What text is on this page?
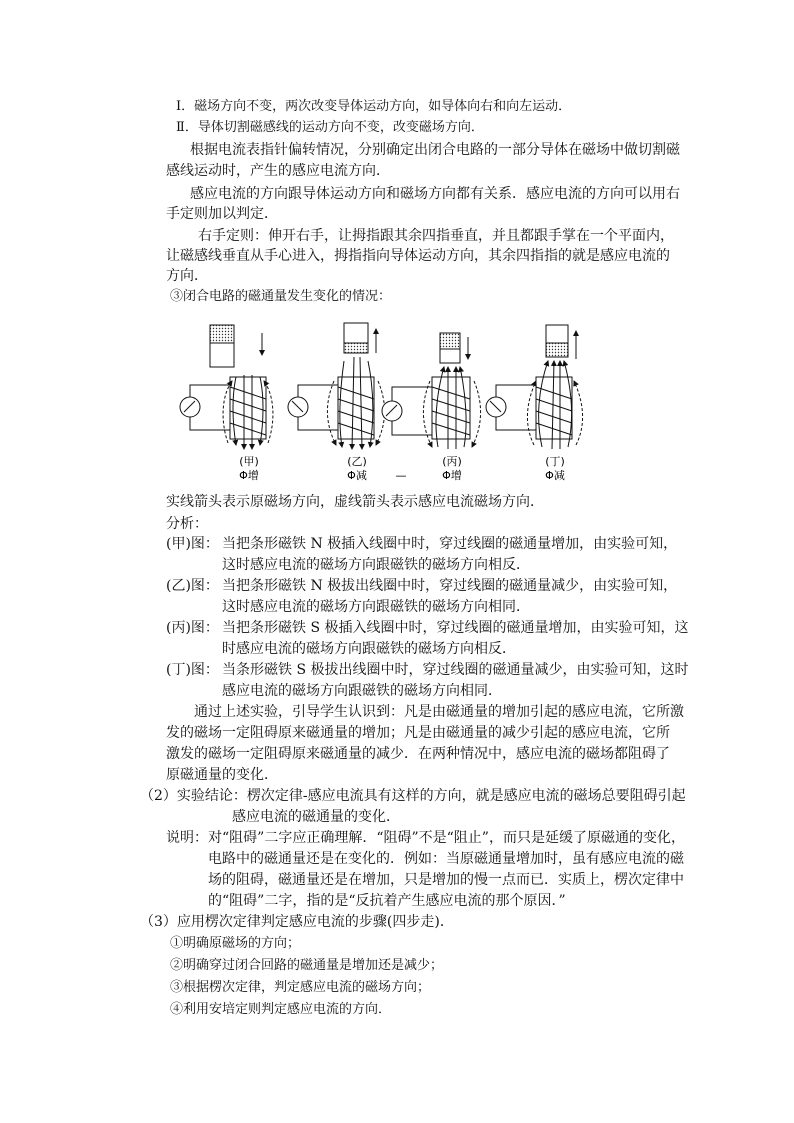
Ⅰ．磁场方向不变，两次改变导体运动方向，如导体向右和向左运动．
Ⅱ．导体切割磁感线的运动方向不变，改变磁场方向．
根据电流表指针偏转情况，分别确定出闭合电路的一部分导体在磁场中做切割磁
感线运动时，产生的感应电流方向．
感应电流的方向跟导体运动方向和磁场方向都有关系．感应电流的方向可以用右
手定则加以判定．
右手定则：伸开右手，让拇指跟其余四指垂直，并且都跟手掌在一个平面内，
让磁感线垂直从手心进入，拇指指向导体运动方向，其余四指指的就是感应电流的
方向．
③闭合电路的磁通量发生变化的情况：
(甲)
Φ增
(乙)
Φ减	—
(丙)
Φ增
(丁)
Φ减
实线箭头表示原磁场方向，虚线箭头表示感应电流磁场方向．
分析：
(甲)图： 当把条形磁铁 N 极插入线圈中时，穿过线圈的磁通量增加，由实验可知，
这时感应电流的磁场方向跟磁铁的磁场方向相反．
(乙)图： 当把条形磁铁 N 极拔出线圈中时，穿过线圈的磁通量减少，由实验可知，
这时感应电流的磁场方向跟磁铁的磁场方向相同．
(丙)图： 当把条形磁铁 S 极插入线圈中时，穿过线圈的磁通量增加，由实验可知，这
时感应电流的磁场方向跟磁铁的磁场方向相反．
(丁)图： 当条形磁铁 S 极拔出线圈中时，穿过线圈的磁通量减少，由实验可知，这时
感应电流的磁场方向跟磁铁的磁场方向相同．
通过上述实验，引导学生认识到：凡是由磁通量的增加引起的感应电流，它所激
发的磁场一定阻碍原来磁通量的增加；凡是由磁通量的减少引起的感应电流，它所
激发的磁场一定阻碍原来磁通量的减少．在两种情况中，感应电流的磁场都阻碍了
原磁通量的变化．
（2）实验结论：楞次定律-感应电流具有这样的方向，就是感应电流的磁场总要阻碍引起
感应电流的磁通量的变化．
说明：对“阻碍”二字应正确理解．“阻碍”不是“阻止”，而只是延缓了原磁通的变化，
电路中的磁通量还是在变化的．例如：当原磁通量增加时，虽有感应电流的磁
场的阻碍，磁通量还是在增加，只是增加的慢一点而已．实质上，楞次定律中
的“阻碍”二字，指的是“反抗着产生感应电流的那个原因．”
（3）应用楞次定律判定感应电流的步骤(四步走)．
①明确原磁场的方向；
②明确穿过闭合回路的磁通量是增加还是减少；
③根据楞次定律，判定感应电流的磁场方向；
④利用安培定则判定感应电流的方向．
